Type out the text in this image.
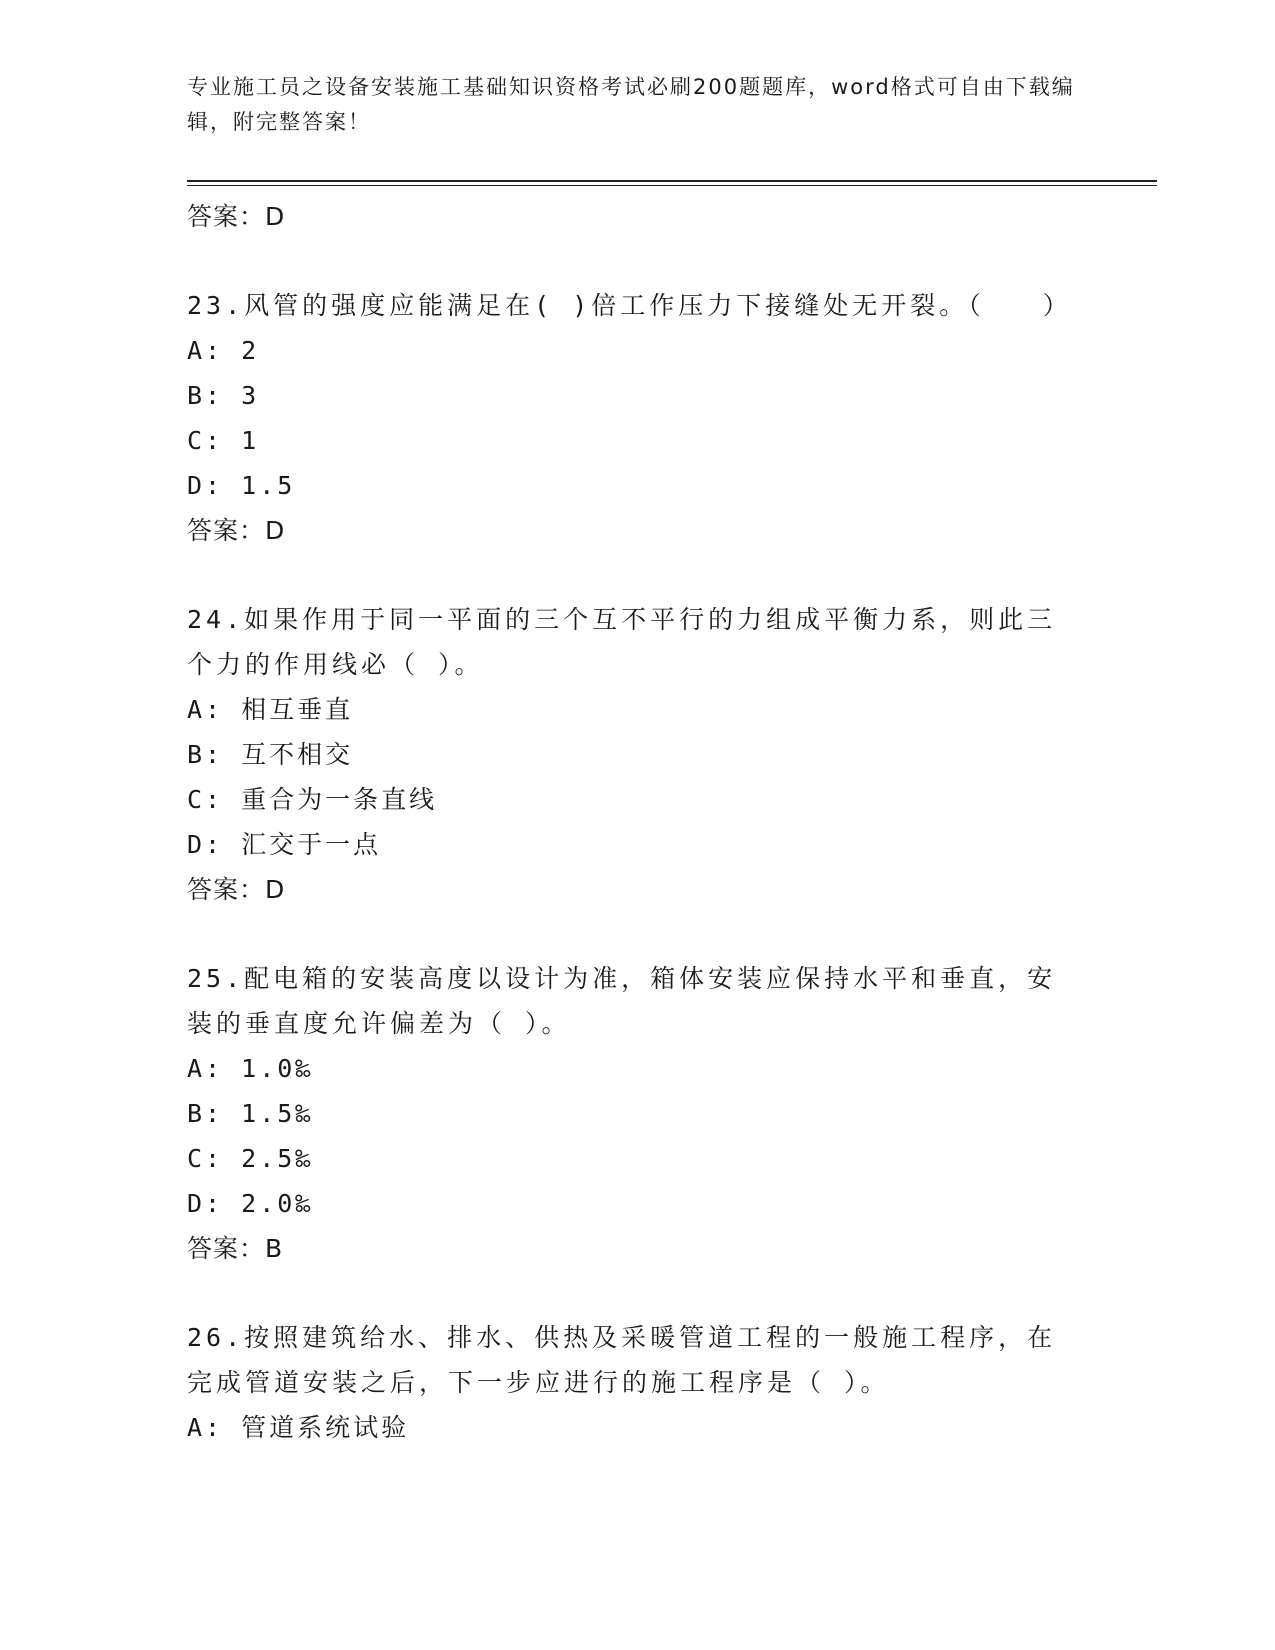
专业施工员之设备安装施工基础知识资格考试必刷200题题库，word格式可自由下载编辑，附完整答案！

答案：D

23.风管的强度应能满足在( )倍工作压力下接缝处无开裂。（　　）

A: 2

B: 3

C: 1

D: 1.5

答案：D

24.如果作用于同一平面的三个互不平行的力组成平衡力系，则此三个力的作用线必（ ）。

A: 相互垂直

B: 互不相交

C: 重合为一条直线

D: 汇交于一点

答案：D

25.配电箱的安装高度以设计为准，箱体安装应保持水平和垂直，安装的垂直度允许偏差为（ ）。

A: 1.0‰

B: 1.5‰

C: 2.5‰

D: 2.0‰

答案：B

26.按照建筑给水、排水、供热及采暖管道工程的一般施工程序，在完成管道安装之后，下一步应进行的施工程序是（ ）。

A: 管道系统试验
